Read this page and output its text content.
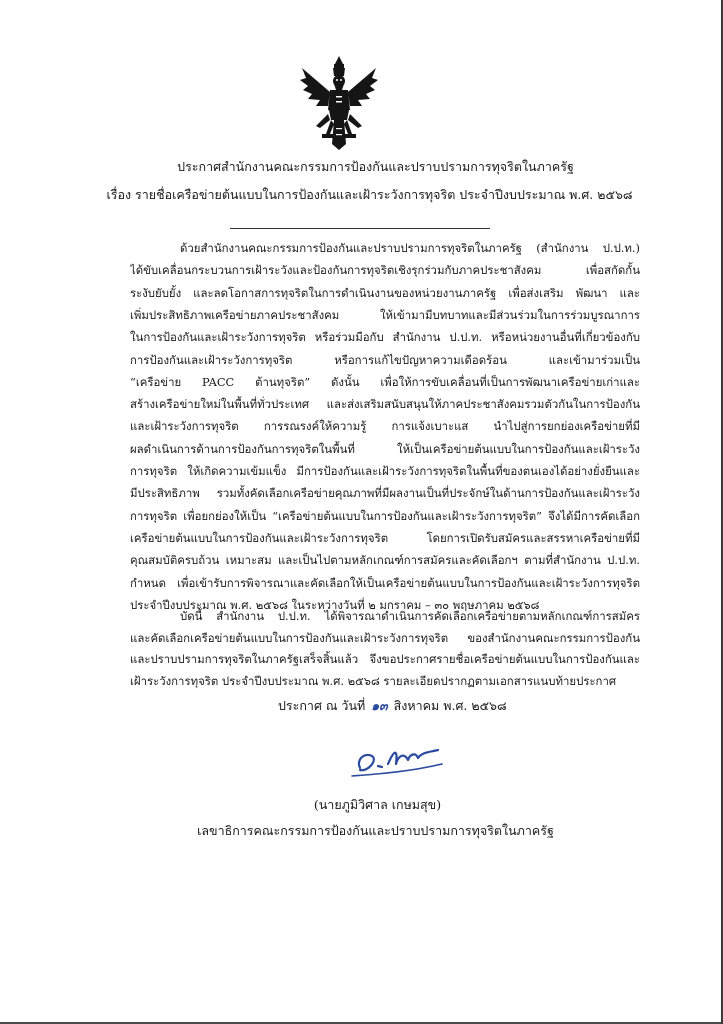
ประกาศสำนักงานคณะกรรมการป้องกันและปราบปรามการทุจริตในภาครัฐ
เรื่อง รายชื่อเครือข่ายต้นแบบในการป้องกันและเฝ้าระวังการทุจริต ประจำปีงบประมาณ พ.ศ. ๒๕๖๘
ด้วยสำนักงานคณะกรรมการป้องกันและปราบปรามการทุจริตในภาครัฐ (สำนักงาน ป.ป.ท.)
ได้ขับเคลื่อนกระบวนการเฝ้าระวังและป้องกันการทุจริตเชิงรุกร่วมกับภาคประชาสังคม เพื่อสกัดกั้น
ระงับยับยั้ง และลดโอกาสการทุจริตในการดำเนินงานของหน่วยงานภาครัฐ เพื่อส่งเสริม พัฒนา และ
เพิ่มประสิทธิภาพเครือข่ายภาคประชาสังคม ให้เข้ามามีบทบาทและมีส่วนร่วมในการร่วมบูรณาการ
ในการป้องกันและเฝ้าระวังการทุจริต หรือร่วมมือกับ สำนักงาน ป.ป.ท. หรือหน่วยงานอื่นที่เกี่ยวข้องกับ
การป้องกันและเฝ้าระวังการทุจริต หรือการแก้ไขปัญหาความเดือดร้อน และเข้ามาร่วมเป็น
“เครือข่าย PACC ต้านทุจริต” ดังนั้น เพื่อให้การขับเคลื่อนที่เป็นการพัฒนาเครือข่ายเก่าและ
สร้างเครือข่ายใหม่ในพื้นที่ทั่วประเทศ และส่งเสริมสนับสนุนให้ภาคประชาสังคมรวมตัวกันในการป้องกัน
และเฝ้าระวังการทุจริต การรณรงค์ให้ความรู้ การแจ้งเบาะแส นำไปสู่การยกย่องเครือข่ายที่มี
ผลดำเนินการด้านการป้องกันการทุจริตในพื้นที่ ให้เป็นเครือข่ายต้นแบบในการป้องกันและเฝ้าระวัง
การทุจริต ให้เกิดความเข้มแข็ง มีการป้องกันและเฝ้าระวังการทุจริตในพื้นที่ของตนเองได้อย่างยั่งยืนและ
มีประสิทธิภาพ รวมทั้งคัดเลือกเครือข่ายคุณภาพที่มีผลงานเป็นที่ประจักษ์ในด้านการป้องกันและเฝ้าระวัง
การทุจริต เพื่อยกย่องให้เป็น “เครือข่ายต้นแบบในการป้องกันและเฝ้าระวังการทุจริต” จึงได้มีการคัดเลือก
เครือข่ายต้นแบบในการป้องกันและเฝ้าระวังการทุจริต โดยการเปิดรับสมัครและสรรหาเครือข่ายที่มี
คุณสมบัติครบถ้วน เหมาะสม และเป็นไปตามหลักเกณฑ์การสมัครและคัดเลือกฯ ตามที่สำนักงาน ป.ป.ท.
กำหนด เพื่อเข้ารับการพิจารณาและคัดเลือกให้เป็นเครือข่ายต้นแบบในการป้องกันและเฝ้าระวังการทุจริต
ประจำปีงบประมาณ พ.ศ. ๒๕๖๘ ในระหว่างวันที่ ๒ มกราคม – ๓๐ พฤษภาคม ๒๕๖๘
บัดนี้ สำนักงาน ป.ป.ท. ได้พิจารณาดำเนินการคัดเลือกเครือข่ายตามหลักเกณฑ์การสมัคร
และคัดเลือกเครือข่ายต้นแบบในการป้องกันและเฝ้าระวังการทุจริต ของสำนักงานคณะกรรมการป้องกัน
และปราบปรามการทุจริตในภาครัฐเสร็จสิ้นแล้ว จึงขอประกาศรายชื่อเครือข่ายต้นแบบในการป้องกันและ
เฝ้าระวังการทุจริต ประจำปีงบประมาณ พ.ศ. ๒๕๖๘ รายละเอียดปรากฏตามเอกสารแนบท้ายประกาศ
ประกาศ ณ วันที่ ๑๓ สิงหาคม พ.ศ. ๒๕๖๘
(นายภูมิวิศาล เกษมสุข)
เลขาธิการคณะกรรมการป้องกันและปราบปรามการทุจริตในภาครัฐ
